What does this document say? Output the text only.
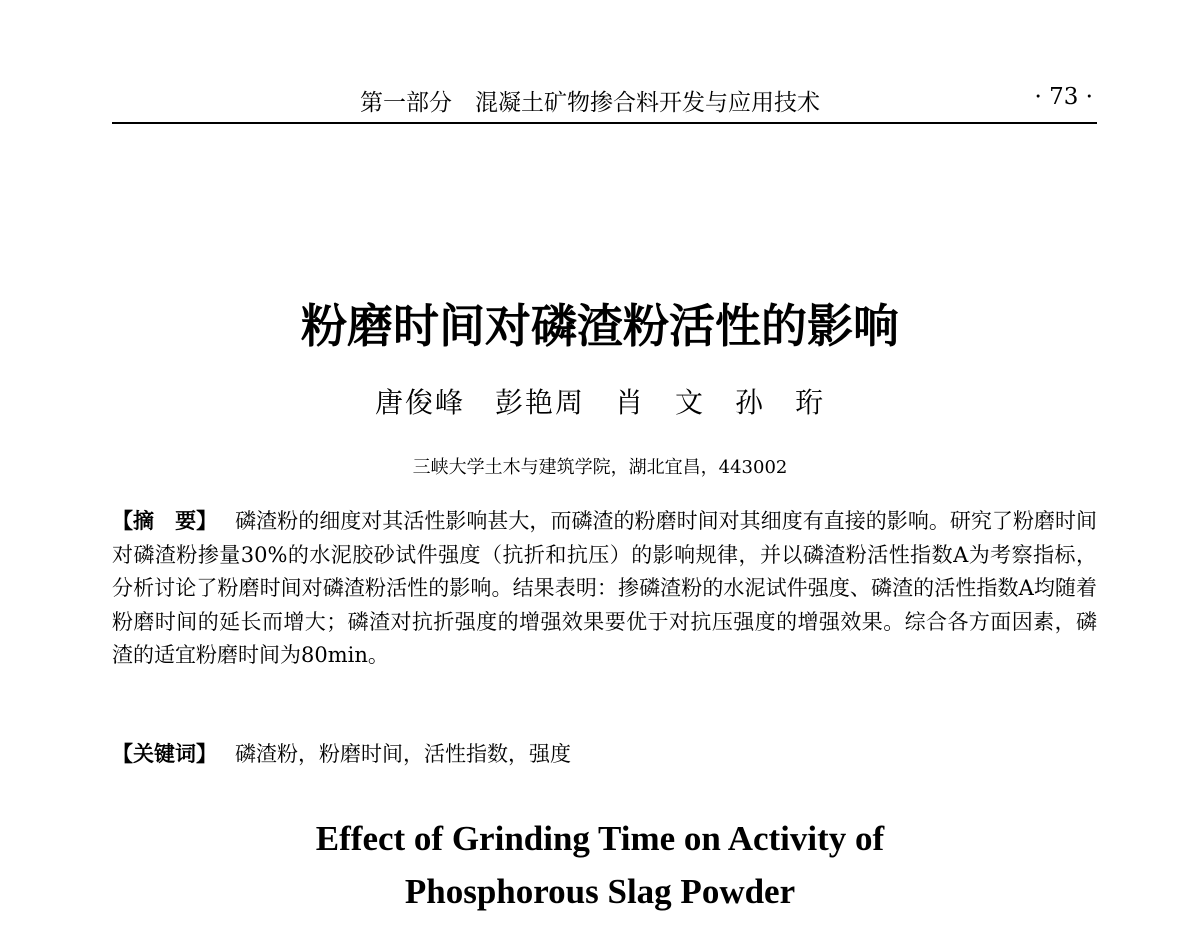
第一部分　混凝土矿物掺合料开发与应用技术	· 73 ·
粉磨时间对磷渣粉活性的影响
唐俊峰　彭艳周　肖　文　孙　珩
三峡大学土木与建筑学院，湖北宜昌，443002
【摘　要】 磷渣粉的细度对其活性影响甚大，而磷渣的粉磨时间对其细度有直接的影响。研究了粉磨时间对磷渣粉掺量30%的水泥胶砂试件强度（抗折和抗压）的影响规律，并以磷渣粉活性指数A为考察指标，分析讨论了粉磨时间对磷渣粉活性的影响。结果表明：掺磷渣粉的水泥试件强度、磷渣的活性指数A均随着粉磨时间的延长而增大；磷渣对抗折强度的增强效果要优于对抗压强度的增强效果。综合各方面因素，磷渣的适宜粉磨时间为80min。
【关键词】 磷渣粉，粉磨时间，活性指数，强度
Effect of Grinding Time on Activity of
Phosphorous Slag Powder
